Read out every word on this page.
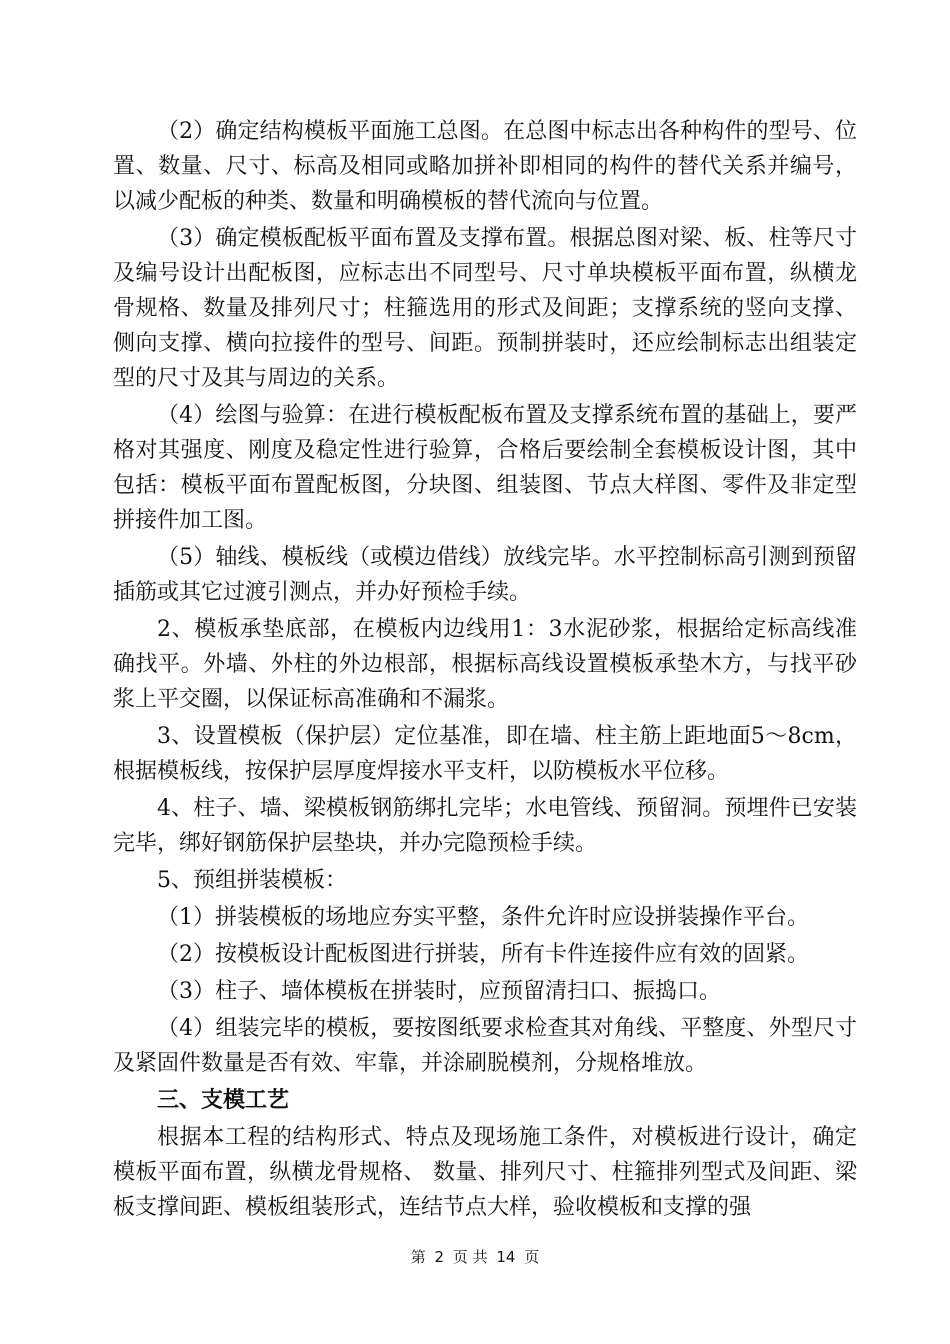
（2）确定结构模板平面施工总图。在总图中标志出各种构件的型号、位置、数量、尺寸、标高及相同或略加拼补即相同的构件的替代关系并编号，以减少配板的种类、数量和明确模板的替代流向与位置。

（3）确定模板配板平面布置及支撑布置。根据总图对梁、板、柱等尺寸及编号设计出配板图，应标志出不同型号、尺寸单块模板平面布置，纵横龙骨规格、数量及排列尺寸；柱箍选用的形式及间距；支撑系统的竖向支撑、侧向支撑、横向拉接件的型号、间距。预制拼装时，还应绘制标志出组装定型的尺寸及其与周边的关系。

（4）绘图与验算：在进行模板配板布置及支撑系统布置的基础上，要严格对其强度、刚度及稳定性进行验算，合格后要绘制全套模板设计图，其中包括：模板平面布置配板图，分块图、组装图、节点大样图、零件及非定型拼接件加工图。

（5）轴线、模板线（或模边借线）放线完毕。水平控制标高引测到预留插筋或其它过渡引测点，并办好预检手续。

2、模板承垫底部，在模板内边线用1：3水泥砂浆，根据给定标高线准确找平。外墙、外柱的外边根部，根据标高线设置模板承垫木方，与找平砂浆上平交圈，以保证标高准确和不漏浆。

3、设置模板（保护层）定位基准，即在墙、柱主筋上距地面5～8cm，根据模板线，按保护层厚度焊接水平支杆，以防模板水平位移。

4、柱子、墙、梁模板钢筋绑扎完毕；水电管线、预留洞。预埋件已安装完毕，绑好钢筋保护层垫块，并办完隐预检手续。

5、预组拼装模板：

（1）拼装模板的场地应夯实平整，条件允许时应设拼装操作平台。

（2）按模板设计配板图进行拼装，所有卡件连接件应有效的固紧。

（3）柱子、墙体模板在拼装时，应预留清扫口、振捣口。

（4）组装完毕的模板，要按图纸要求检查其对角线、平整度、外型尺寸及紧固件数量是否有效、牢靠，并涂刷脱模剂，分规格堆放。

三、支模工艺

根据本工程的结构形式、特点及现场施工条件，对模板进行设计，确定模板平面布置，纵横龙骨规格、 数量、排列尺寸、柱箍排列型式及间距、梁板支撑间距、模板组装形式，连结节点大样，验收模板和支撑的强

第 2 页 共 14 页
